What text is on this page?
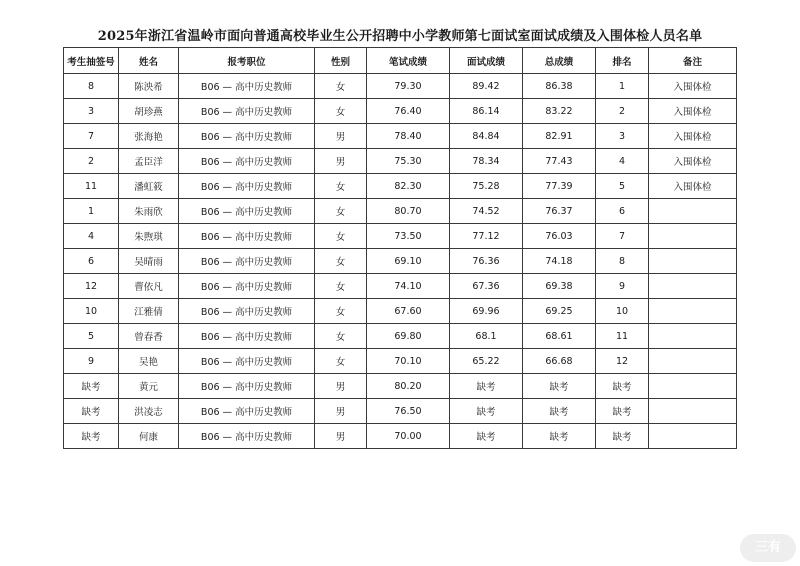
2025年浙江省温岭市面向普通高校毕业生公开招聘中小学教师第七面试室面试成绩及入围体检人员名单
考生抽签号	姓名	报考职位	性别	笔试成绩	面试成绩	总成绩	排名	备注
8	陈泱希	B06 — 高中历史教师	女	79.30	89.42	86.38	1	入围体检
3	胡珍燕	B06 — 高中历史教师	女	76.40	86.14	83.22	2	入围体检
7	张海艳	B06 — 高中历史教师	男	78.40	84.84	82.91	3	入围体检
2	孟臣洋	B06 — 高中历史教师	男	75.30	78.34	77.43	4	入围体检
11	潘虹筱	B06 — 高中历史教师	女	82.30	75.28	77.39	5	入围体检
1	朱雨欣	B06 — 高中历史教师	女	80.70	74.52	76.37	6	
4	朱煦琪	B06 — 高中历史教师	女	73.50	77.12	76.03	7	
6	吴晴雨	B06 — 高中历史教师	女	69.10	76.36	74.18	8	
12	曹依凡	B06 — 高中历史教师	女	74.10	67.36	69.38	9	
10	江雅倩	B06 — 高中历史教师	女	67.60	69.96	69.25	10	
5	曾春香	B06 — 高中历史教师	女	69.80	68.1	68.61	11	
9	吴艳	B06 — 高中历史教师	女	70.10	65.22	66.68	12	
缺考	黄元	B06 — 高中历史教师	男	80.20	缺考	缺考	缺考	
缺考	洪凌志	B06 — 高中历史教师	男	76.50	缺考	缺考	缺考	
缺考	何康	B06 — 高中历史教师	男	70.00	缺考	缺考	缺考	
三有
